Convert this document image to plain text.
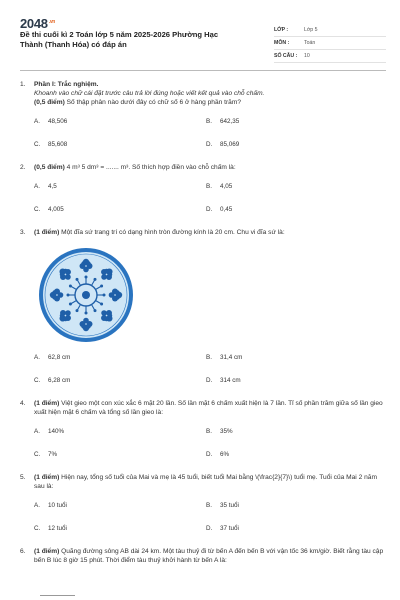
$2048^{.vn}$
Đề thi cuối kì 2 Toán lớp 5 năm 2025-2026 Phường Hạc Thành (Thanh Hóa) có đáp án
LỚP :	Lớp 5
MÔN :	Toán
SỐ CÂU :	10
1. Phần I: Trắc nghiệm.
Khoanh vào chữ cái đặt trước câu trả lời đúng hoặc viết kết quả vào chỗ chấm.
(0,5 điểm) Số thập phân nào dưới đây có chữ số 6 ở hàng phần trăm?
A.	48,506	B.	642,35
C.	85,608	D.	85,069
2. (0,5 điểm) 4 m³ 5 dm³ = ....... m³. Số thích hợp điền vào chỗ chấm là:
A.	4,5	B.	4,05
C.	4,005	D.	0,45
3. (1 điểm) Một đĩa sứ trang trí có dạng hình tròn đường kính là 20 cm. Chu vi đĩa sứ là:
A.	62,8 cm	B.	31,4 cm
C.	6,28 cm	D.	314 cm
4. (1 điểm) Việt gieo một con xúc xắc 6 mặt 20 lần. Số lần mặt 6 chấm xuất hiện là 7 lần. Tỉ số phần trăm giữa số lần gieo xuất hiện mặt 6 chấm và tổng số lần gieo là:
A.	140%	B.	35%
C.	7%	D.	6%
5. (1 điểm) Hiện nay, tổng số tuổi của Mai và mẹ là 45 tuổi, biết tuổi Mai bằng \(\frac{2}{7}\) tuổi mẹ. Tuổi của Mai 2 năm sau là:
A.	10 tuổi	B.	35 tuổi
C.	12 tuổi	D.	37 tuổi
6. (1 điểm) Quãng đường sông AB dài 24 km. Một tàu thuỷ đi từ bến A đến bến B với vận tốc 36 km/giờ. Biết rằng tàu cập bến B lúc 8 giờ 15 phút. Thời điểm tàu thuỷ khởi hành từ bến A là:
